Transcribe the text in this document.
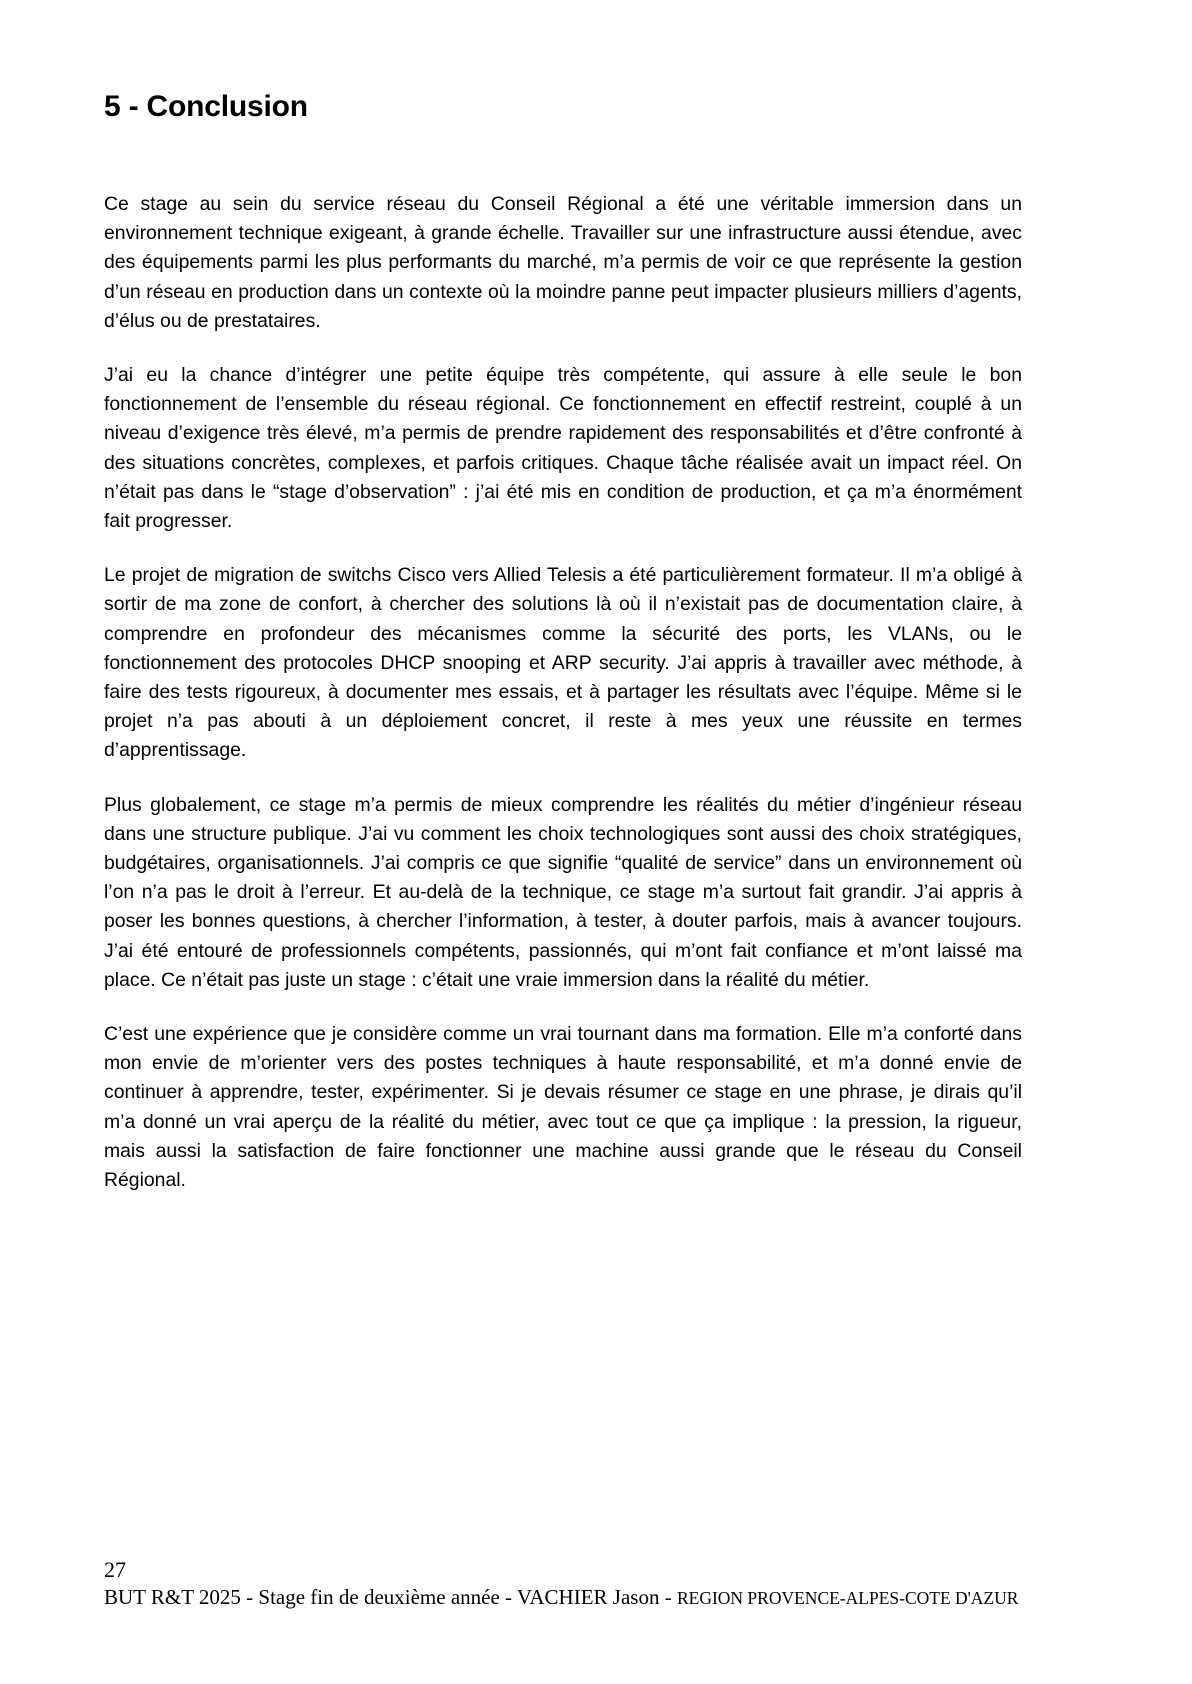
5 - Conclusion

Ce stage au sein du service réseau du Conseil Régional a été une véritable immersion dans un environnement technique exigeant, à grande échelle. Travailler sur une infrastructure aussi étendue, avec des équipements parmi les plus performants du marché, m’a permis de voir ce que représente la gestion d’un réseau en production dans un contexte où la moindre panne peut impacter plusieurs milliers d’agents, d’élus ou de prestataires.

J’ai eu la chance d’intégrer une petite équipe très compétente, qui assure à elle seule le bon fonctionnement de l’ensemble du réseau régional. Ce fonctionnement en effectif restreint, couplé à un niveau d’exigence très élevé, m’a permis de prendre rapidement des responsabilités et d’être confronté à des situations concrètes, complexes, et parfois critiques. Chaque tâche réalisée avait un impact réel. On n’était pas dans le “stage d’observation” : j’ai été mis en condition de production, et ça m’a énormément fait progresser.

Le projet de migration de switchs Cisco vers Allied Telesis a été particulièrement formateur. Il m’a obligé à sortir de ma zone de confort, à chercher des solutions là où il n’existait pas de documentation claire, à comprendre en profondeur des mécanismes comme la sécurité des ports, les VLANs, ou le fonctionnement des protocoles DHCP snooping et ARP security. J’ai appris à travailler avec méthode, à faire des tests rigoureux, à documenter mes essais, et à partager les résultats avec l’équipe. Même si le projet n’a pas abouti à un déploiement concret, il reste à mes yeux une réussite en termes d’apprentissage.

Plus globalement, ce stage m’a permis de mieux comprendre les réalités du métier d’ingénieur réseau dans une structure publique. J’ai vu comment les choix technologiques sont aussi des choix stratégiques, budgétaires, organisationnels. J’ai compris ce que signifie “qualité de service” dans un environnement où l’on n’a pas le droit à l’erreur. Et au-delà de la technique, ce stage m’a surtout fait grandir. J’ai appris à poser les bonnes questions, à chercher l’information, à tester, à douter parfois, mais à avancer toujours. J’ai été entouré de professionnels compétents, passionnés, qui m’ont fait confiance et m’ont laissé ma place. Ce n’était pas juste un stage : c’était une vraie immersion dans la réalité du métier.

C’est une expérience que je considère comme un vrai tournant dans ma formation. Elle m’a conforté dans mon envie de m’orienter vers des postes techniques à haute responsabilité, et m’a donné envie de continuer à apprendre, tester, expérimenter. Si je devais résumer ce stage en une phrase, je dirais qu’il m’a donné un vrai aperçu de la réalité du métier, avec tout ce que ça implique : la pression, la rigueur, mais aussi la satisfaction de faire fonctionner une machine aussi grande que le réseau du Conseil Régional.

27
BUT R&T 2025 - Stage fin de deuxième année - VACHIER Jason - REGION PROVENCE-ALPES-COTE D'AZUR
